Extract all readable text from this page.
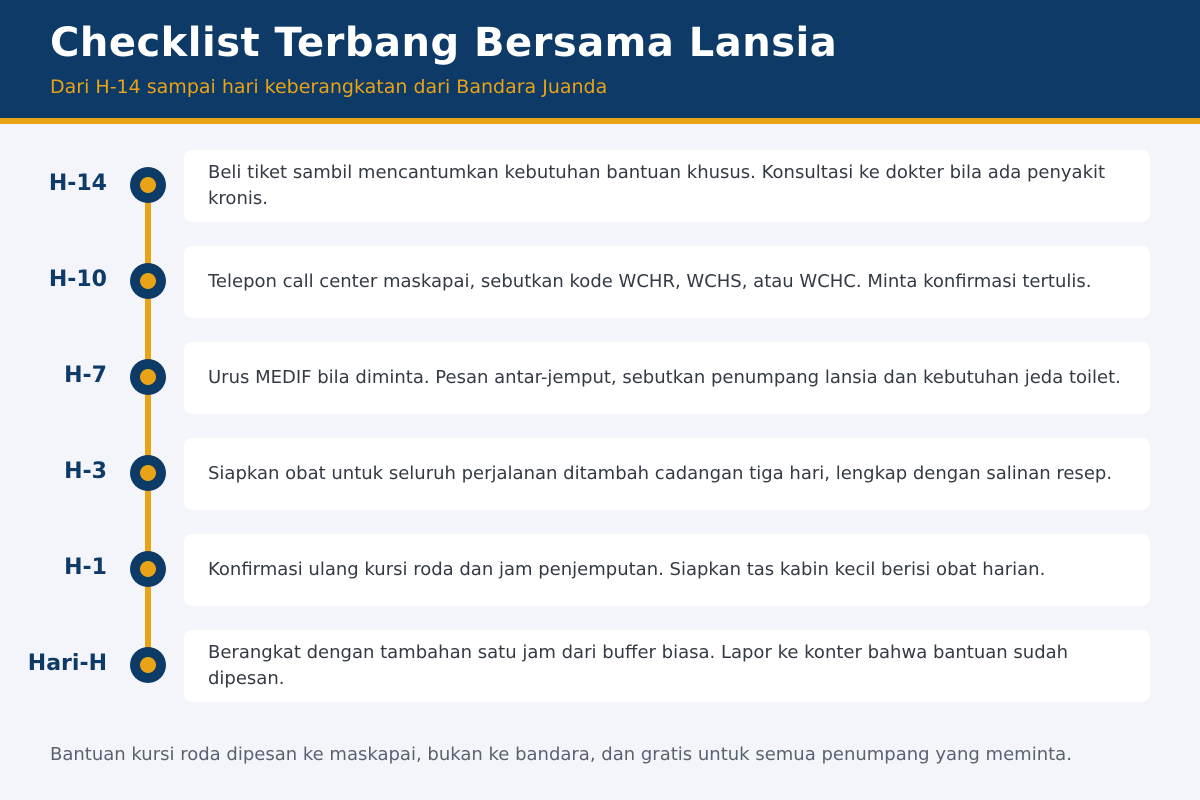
Checklist Terbang Bersama Lansia
Dari H-14 sampai hari keberangkatan dari Bandara Juanda
H-14	Beli tiket sambil mencantumkan kebutuhan bantuan khusus. Konsultasi ke dokter bila ada penyakit kronis.
H-10	Telepon call center maskapai, sebutkan kode WCHR, WCHS, atau WCHC. Minta konfirmasi tertulis.
H-7	Urus MEDIF bila diminta. Pesan antar-jemput, sebutkan penumpang lansia dan kebutuhan jeda toilet.
H-3	Siapkan obat untuk seluruh perjalanan ditambah cadangan tiga hari, lengkap dengan salinan resep.
H-1	Konfirmasi ulang kursi roda dan jam penjemputan. Siapkan tas kabin kecil berisi obat harian.
Hari-H	Berangkat dengan tambahan satu jam dari buffer biasa. Lapor ke konter bahwa bantuan sudah dipesan.
Bantuan kursi roda dipesan ke maskapai, bukan ke bandara, dan gratis untuk semua penumpang yang meminta.
